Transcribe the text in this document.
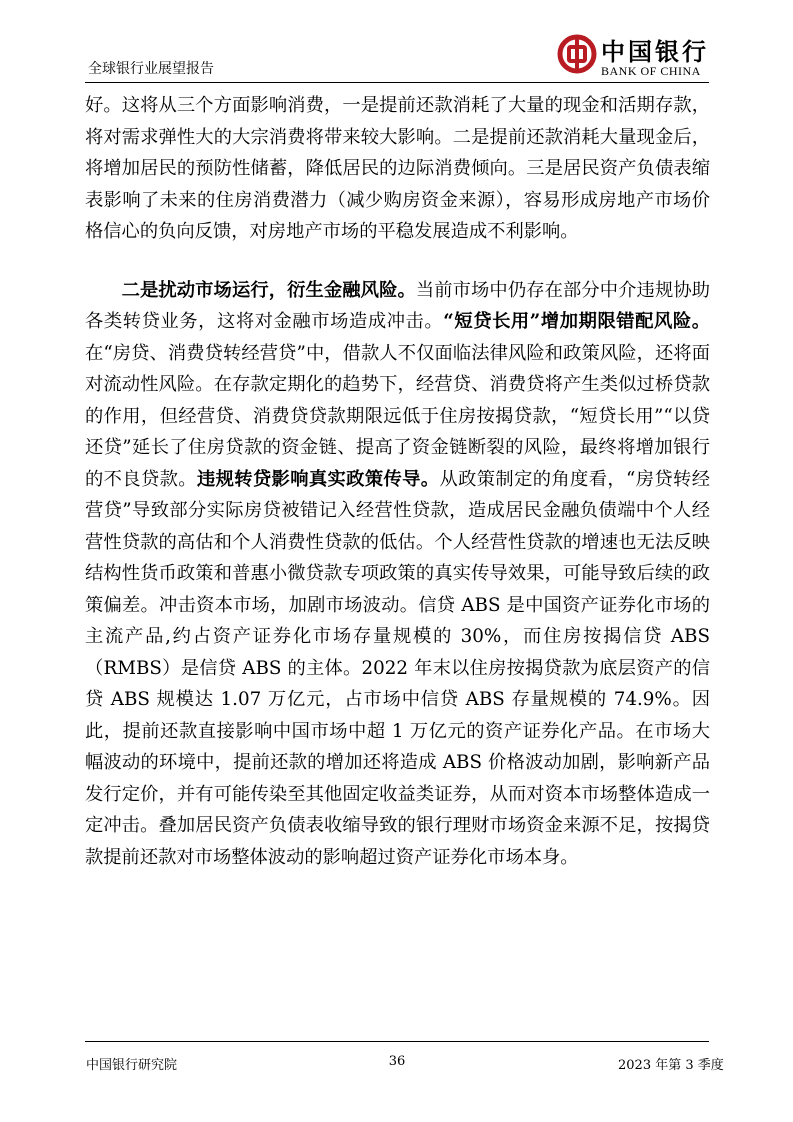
全球银行业展望报告
中国银行
BANK OF CHINA

好。这将从三个方面影响消费，一是提前还款消耗了大量的现金和活期存款，将对需求弹性大的大宗消费将带来较大影响。二是提前还款消耗大量现金后，将增加居民的预防性储蓄，降低居民的边际消费倾向。三是居民资产负债表缩表影响了未来的住房消费潜力（减少购房资金来源），容易形成房地产市场价格信心的负向反馈，对房地产市场的平稳发展造成不利影响。

二是扰动市场运行，衍生金融风险。当前市场中仍存在部分中介违规协助各类转贷业务，这将对金融市场造成冲击。“短贷长用”增加期限错配风险。在“房贷、消费贷转经营贷”中，借款人不仅面临法律风险和政策风险，还将面对流动性风险。在存款定期化的趋势下，经营贷、消费贷将产生类似过桥贷款的作用，但经营贷、消费贷贷款期限远低于住房按揭贷款，“短贷长用”“以贷还贷”延长了住房贷款的资金链、提高了资金链断裂的风险，最终将增加银行的不良贷款。违规转贷影响真实政策传导。从政策制定的角度看，“房贷转经营贷”导致部分实际房贷被错记入经营性贷款，造成居民金融负债端中个人经营性贷款的高估和个人消费性贷款的低估。个人经营性贷款的增速也无法反映结构性货币政策和普惠小微贷款专项政策的真实传导效果，可能导致后续的政策偏差。冲击资本市场，加剧市场波动。信贷 ABS 是中国资产证券化市场的主流产品,约占资产证券化市场存量规模的 30%，而住房按揭信贷 ABS（RMBS）是信贷 ABS 的主体。2022 年末以住房按揭贷款为底层资产的信贷 ABS 规模达 1.07 万亿元，占市场中信贷 ABS 存量规模的 74.9%。因此，提前还款直接影响中国市场中超 1 万亿元的资产证券化产品。在市场大幅波动的环境中，提前还款的增加还将造成 ABS 价格波动加剧，影响新产品发行定价，并有可能传染至其他固定收益类证券，从而对资本市场整体造成一定冲击。叠加居民资产负债表收缩导致的银行理财市场资金来源不足，按揭贷款提前还款对市场整体波动的影响超过资产证券化市场本身。

中国银行研究院	36	2023 年第 3 季度
